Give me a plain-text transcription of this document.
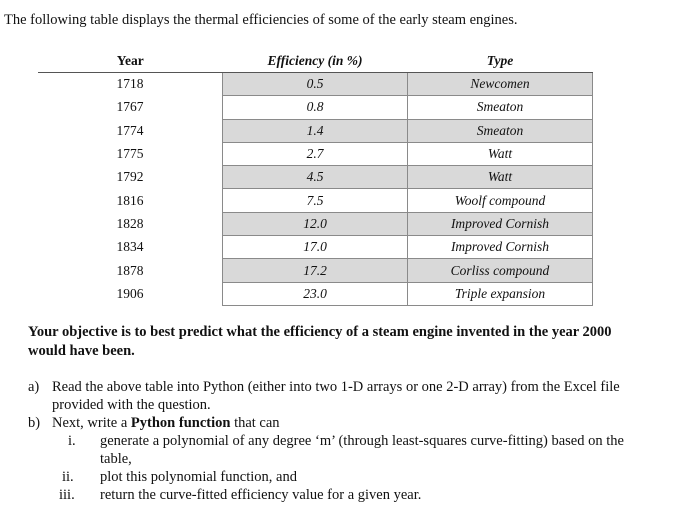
The following table displays the thermal efficiencies of some of the early steam engines.

Year	Efficiency (in %)	Type
1718	0.5	Newcomen
1767	0.8	Smeaton
1774	1.4	Smeaton
1775	2.7	Watt
1792	4.5	Watt
1816	7.5	Woolf compound
1828	12.0	Improved Cornish
1834	17.0	Improved Cornish
1878	17.2	Corliss compound
1906	23.0	Triple expansion

Your objective is to best predict what the efficiency of a steam engine invented in the year 2000 would have been.

a) Read the above table into Python (either into two 1-D arrays or one 2-D array) from the Excel file provided with the question.

b) Next, write a Python function that can

i. generate a polynomial of any degree ‘m’ (through least-squares curve-fitting) based on the table,

ii. plot this polynomial function, and

iii. return the curve-fitted efficiency value for a given year.
